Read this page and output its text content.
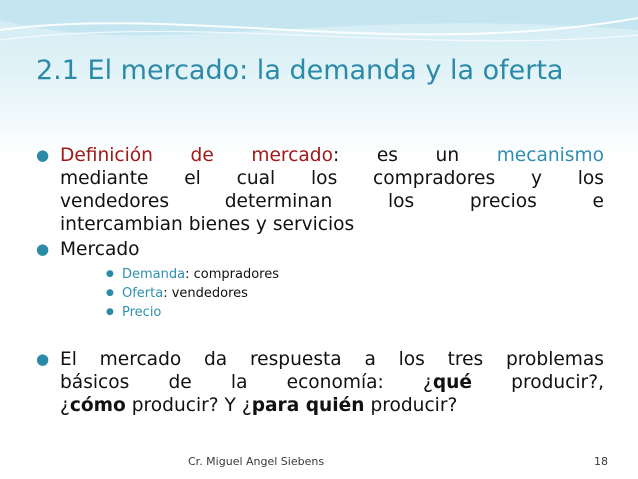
2.1 El mercado: la demanda y la oferta
● Definición de mercado: es un mecanismo
mediante el cual los compradores y los
vendedores determinan los precios e
intercambian bienes y servicios
● Mercado
● Demanda: compradores
● Oferta: vendedores
● Precio
● El mercado da respuesta a los tres problemas
básicos de la economía: ¿qué producir?,
¿cómo producir? Y ¿para quién producir?
Cr. Miguel Angel Siebens	18
